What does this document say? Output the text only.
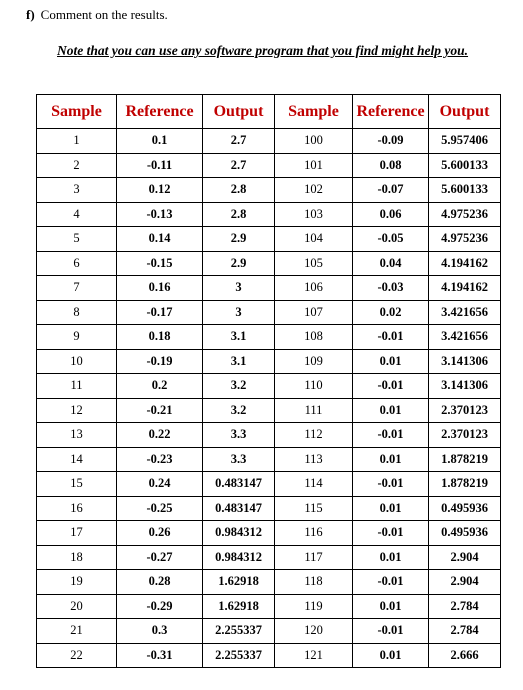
f) Comment on the results.
Note that you can use any software program that you find might help you.
Sample	Reference	Output	Sample	Reference	Output
1	0.1	2.7	100	-0.09	5.957406
2	-0.11	2.7	101	0.08	5.600133
3	0.12	2.8	102	-0.07	5.600133
4	-0.13	2.8	103	0.06	4.975236
5	0.14	2.9	104	-0.05	4.975236
6	-0.15	2.9	105	0.04	4.194162
7	0.16	3	106	-0.03	4.194162
8	-0.17	3	107	0.02	3.421656
9	0.18	3.1	108	-0.01	3.421656
10	-0.19	3.1	109	0.01	3.141306
11	0.2	3.2	110	-0.01	3.141306
12	-0.21	3.2	111	0.01	2.370123
13	0.22	3.3	112	-0.01	2.370123
14	-0.23	3.3	113	0.01	1.878219
15	0.24	0.483147	114	-0.01	1.878219
16	-0.25	0.483147	115	0.01	0.495936
17	0.26	0.984312	116	-0.01	0.495936
18	-0.27	0.984312	117	0.01	2.904
19	0.28	1.62918	118	-0.01	2.904
20	-0.29	1.62918	119	0.01	2.784
21	0.3	2.255337	120	-0.01	2.784
22	-0.31	2.255337	121	0.01	2.666
